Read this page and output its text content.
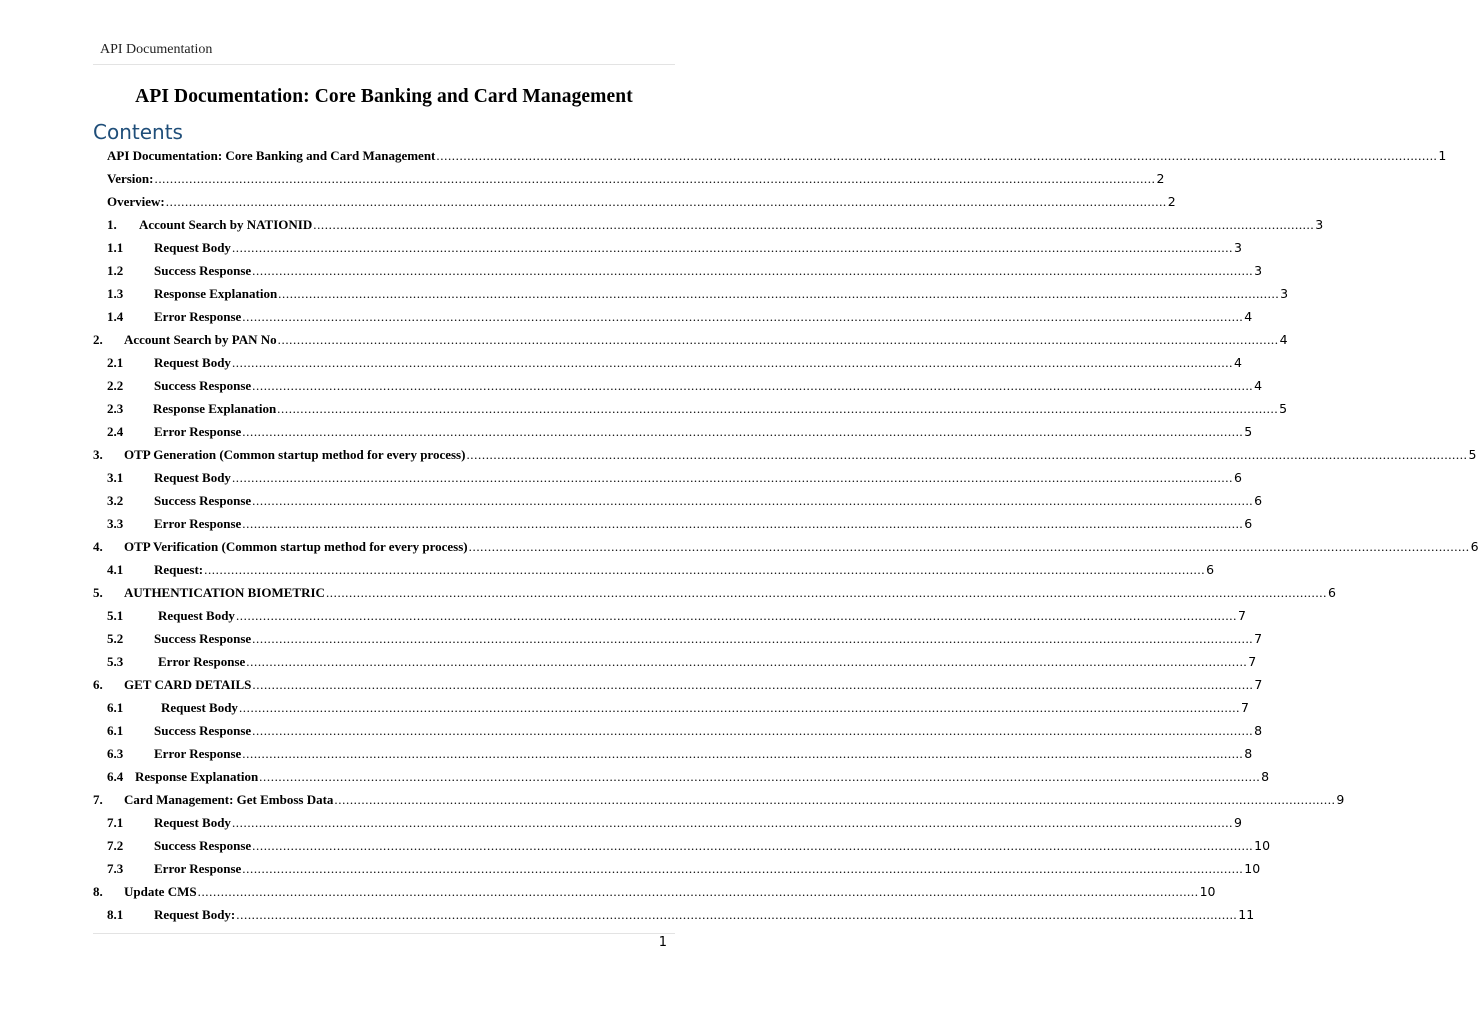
API Documentation
API Documentation: Core Banking and Card Management
Contents
API Documentation: Core Banking and Card Management .................................................................................................................................................................................................................................................................... 1
Version: .................................................................................................................................................................................................................................................................... 2
Overview: .................................................................................................................................................................................................................................................................... 2
1.	Account Search by NATIONID .................................................................................................................................................................................................................................................................... 3
1.1	Request Body .................................................................................................................................................................................................................................................................... 3
1.2	Success Response .................................................................................................................................................................................................................................................................... 3
1.3	Response Explanation .................................................................................................................................................................................................................................................................... 3
1.4	Error Response .................................................................................................................................................................................................................................................................... 4
2.	Account Search by PAN No .................................................................................................................................................................................................................................................................... 4
2.1	Request Body .................................................................................................................................................................................................................................................................... 4
2.2	Success Response .................................................................................................................................................................................................................................................................... 4
2.3	Response Explanation .................................................................................................................................................................................................................................................................... 5
2.4	Error Response .................................................................................................................................................................................................................................................................... 5
3.	OTP Generation (Common startup method for every process) .................................................................................................................................................................................................................................................................... 5
3.1	Request Body .................................................................................................................................................................................................................................................................... 6
3.2	Success Response .................................................................................................................................................................................................................................................................... 6
3.3	Error Response .................................................................................................................................................................................................................................................................... 6
4.	OTP Verification (Common startup method for every process) .................................................................................................................................................................................................................................................................... 6
4.1	Request: .................................................................................................................................................................................................................................................................... 6
5.	AUTHENTICATION BIOMETRIC .................................................................................................................................................................................................................................................................... 6
5.1	Request Body .................................................................................................................................................................................................................................................................... 7
5.2	Success Response .................................................................................................................................................................................................................................................................... 7
5.3	Error Response .................................................................................................................................................................................................................................................................... 7
6.	GET CARD DETAILS .................................................................................................................................................................................................................................................................... 7
6.1	Request Body .................................................................................................................................................................................................................................................................... 7
6.1	Success Response .................................................................................................................................................................................................................................................................... 8
6.3	Error Response .................................................................................................................................................................................................................................................................... 8
6.4 Response Explanation .................................................................................................................................................................................................................................................................... 8
7.	Card Management: Get Emboss Data .................................................................................................................................................................................................................................................................... 9
7.1	Request Body .................................................................................................................................................................................................................................................................... 9
7.2	Success Response .................................................................................................................................................................................................................................................................... 10
7.3	Error Response .................................................................................................................................................................................................................................................................... 10
8.	Update CMS .................................................................................................................................................................................................................................................................... 10
8.1	Request Body: .................................................................................................................................................................................................................................................................... 11
1
